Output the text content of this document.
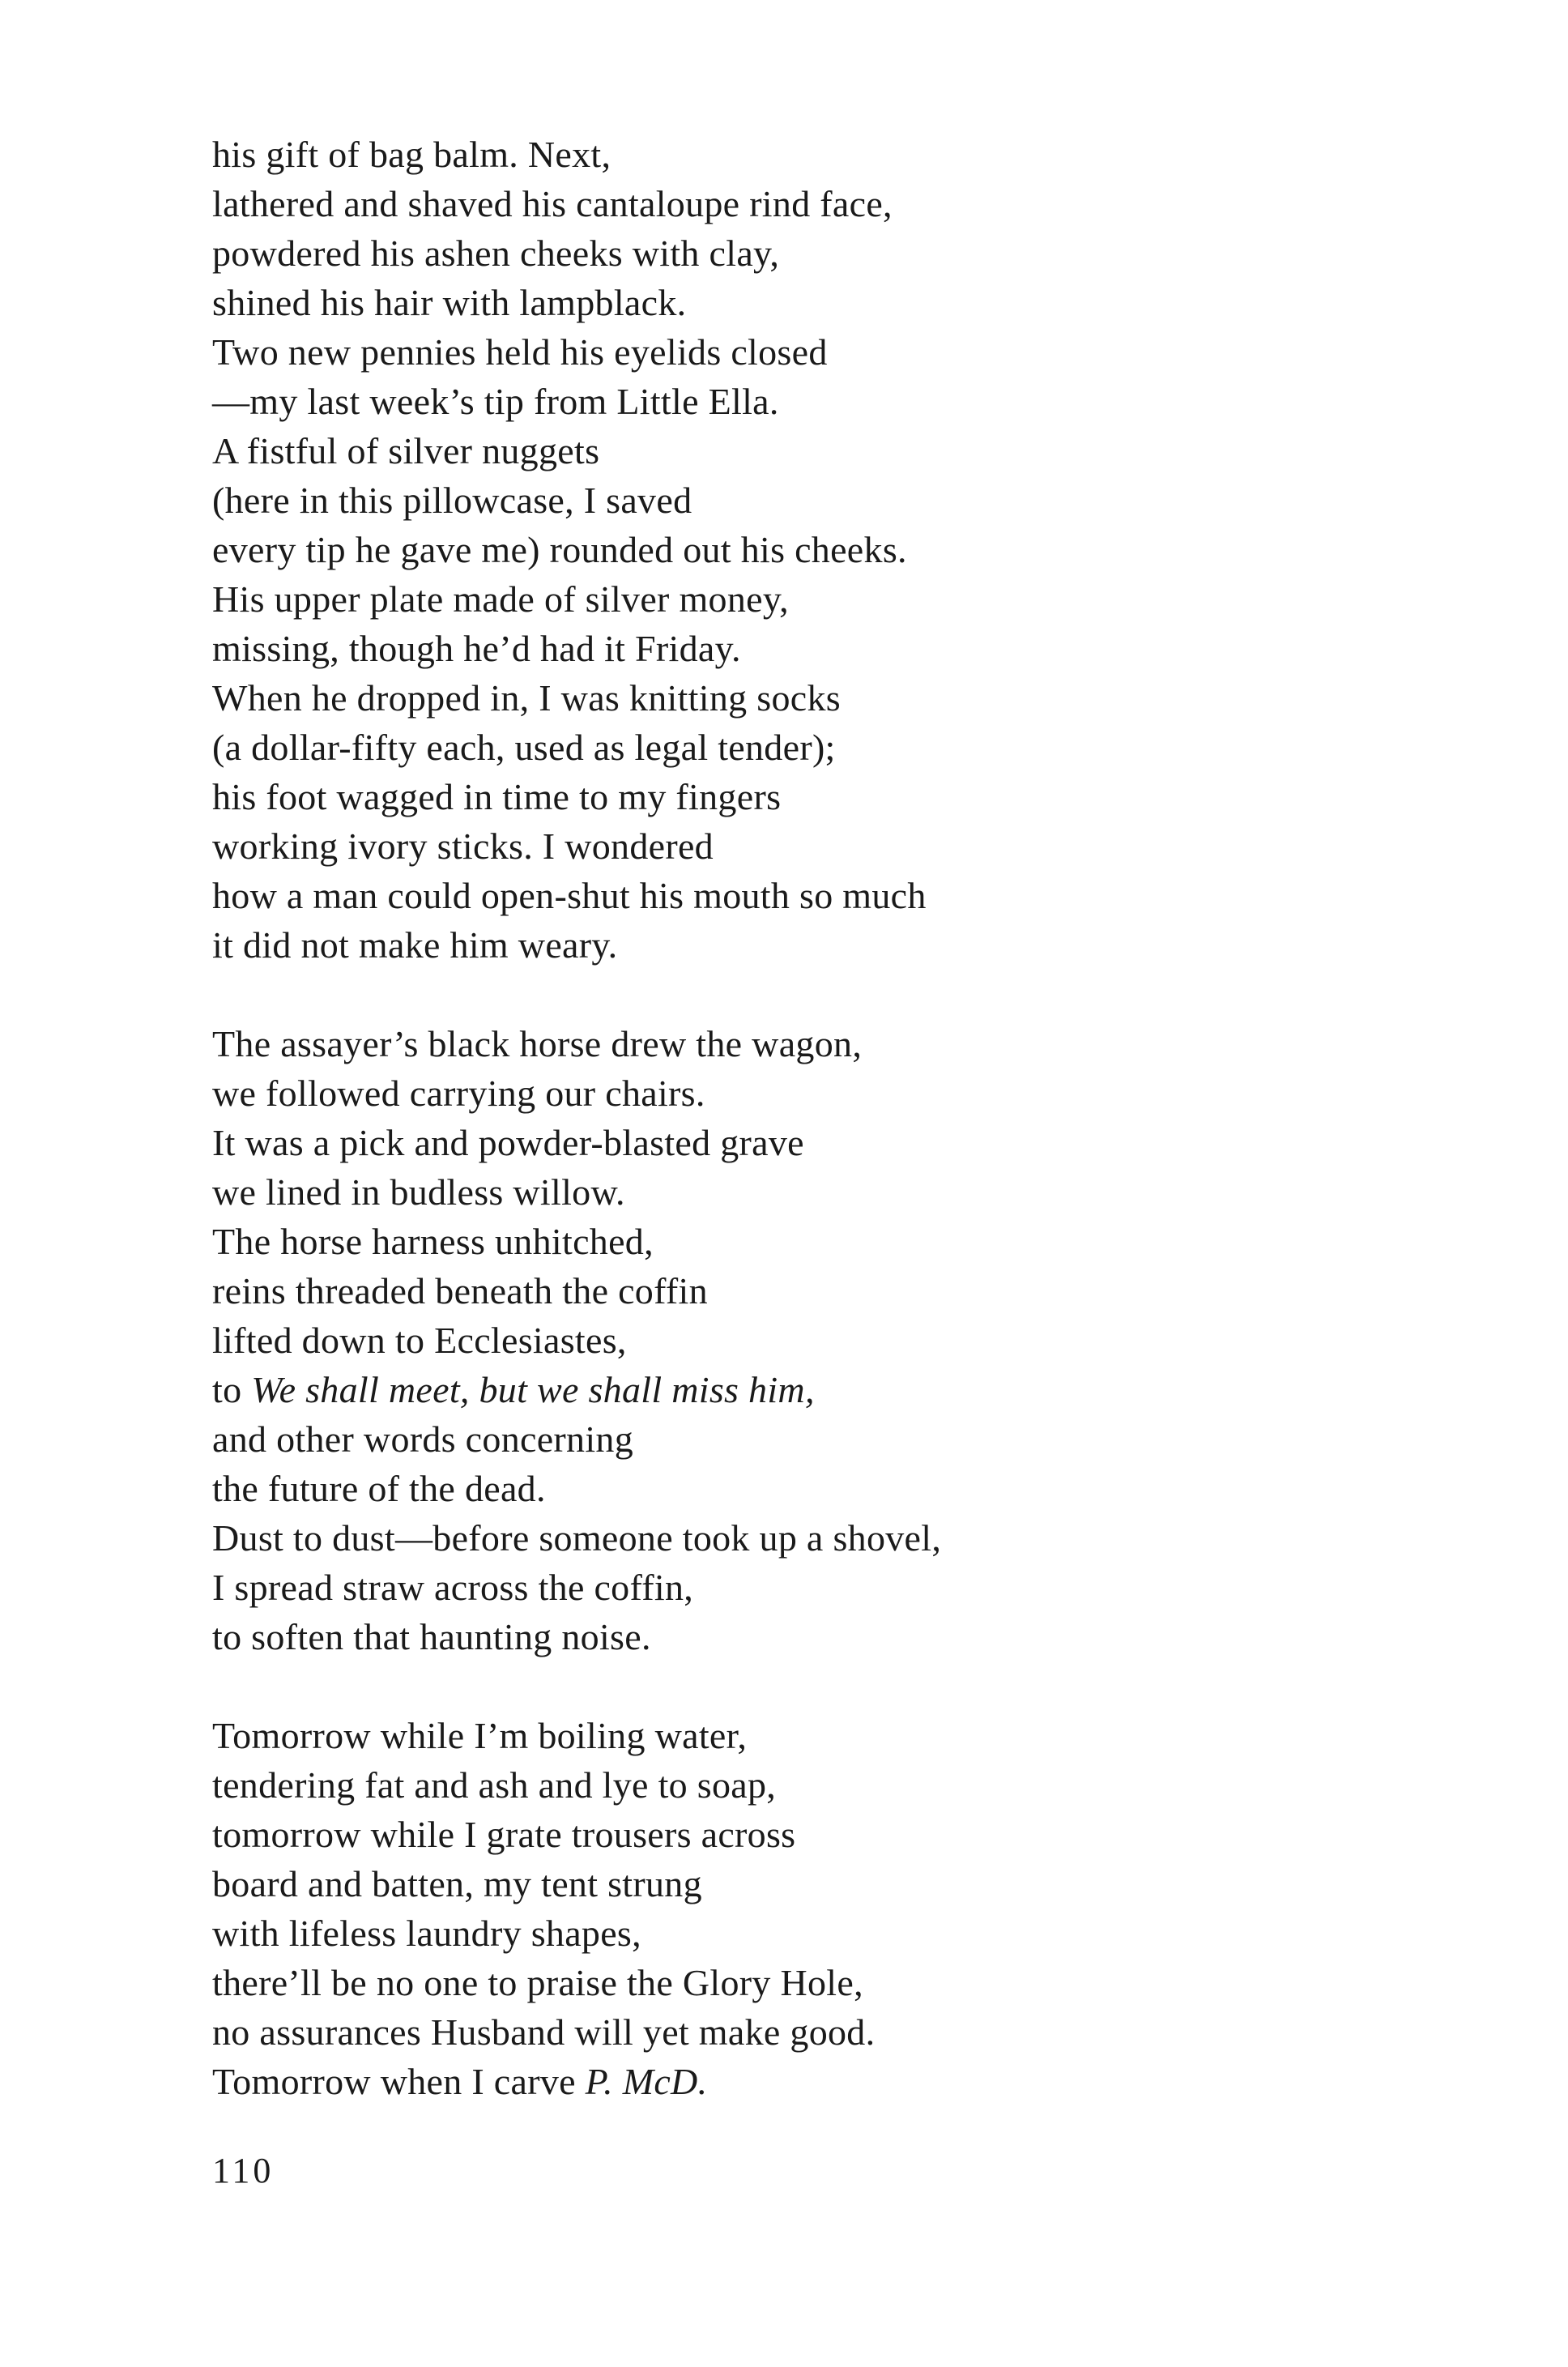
his gift of bag balm. Next,
lathered and shaved his cantaloupe rind face,
powdered his ashen cheeks with clay,
shined his hair with lampblack.
Two new pennies held his eyelids closed
—my last week’s tip from Little Ella.
A fistful of silver nuggets
(here in this pillowcase, I saved
every tip he gave me) rounded out his cheeks.
His upper plate made of silver money,
missing, though he’d had it Friday.
When he dropped in, I was knitting socks
(a dollar-fifty each, used as legal tender);
his foot wagged in time to my fingers
working ivory sticks. I wondered
how a man could open-shut his mouth so much
it did not make him weary.
The assayer’s black horse drew the wagon,
we followed carrying our chairs.
It was a pick and powder-blasted grave
we lined in budless willow.
The horse harness unhitched,
reins threaded beneath the coffin
lifted down to Ecclesiastes,
to We shall meet, but we shall miss him,
and other words concerning
the future of the dead.
Dust to dust—before someone took up a shovel,
I spread straw across the coffin,
to soften that haunting noise.
Tomorrow while I’m boiling water,
tendering fat and ash and lye to soap,
tomorrow while I grate trousers across
board and batten, my tent strung
with lifeless laundry shapes,
there’ll be no one to praise the Glory Hole,
no assurances Husband will yet make good.
Tomorrow when I carve P. McD.
110
